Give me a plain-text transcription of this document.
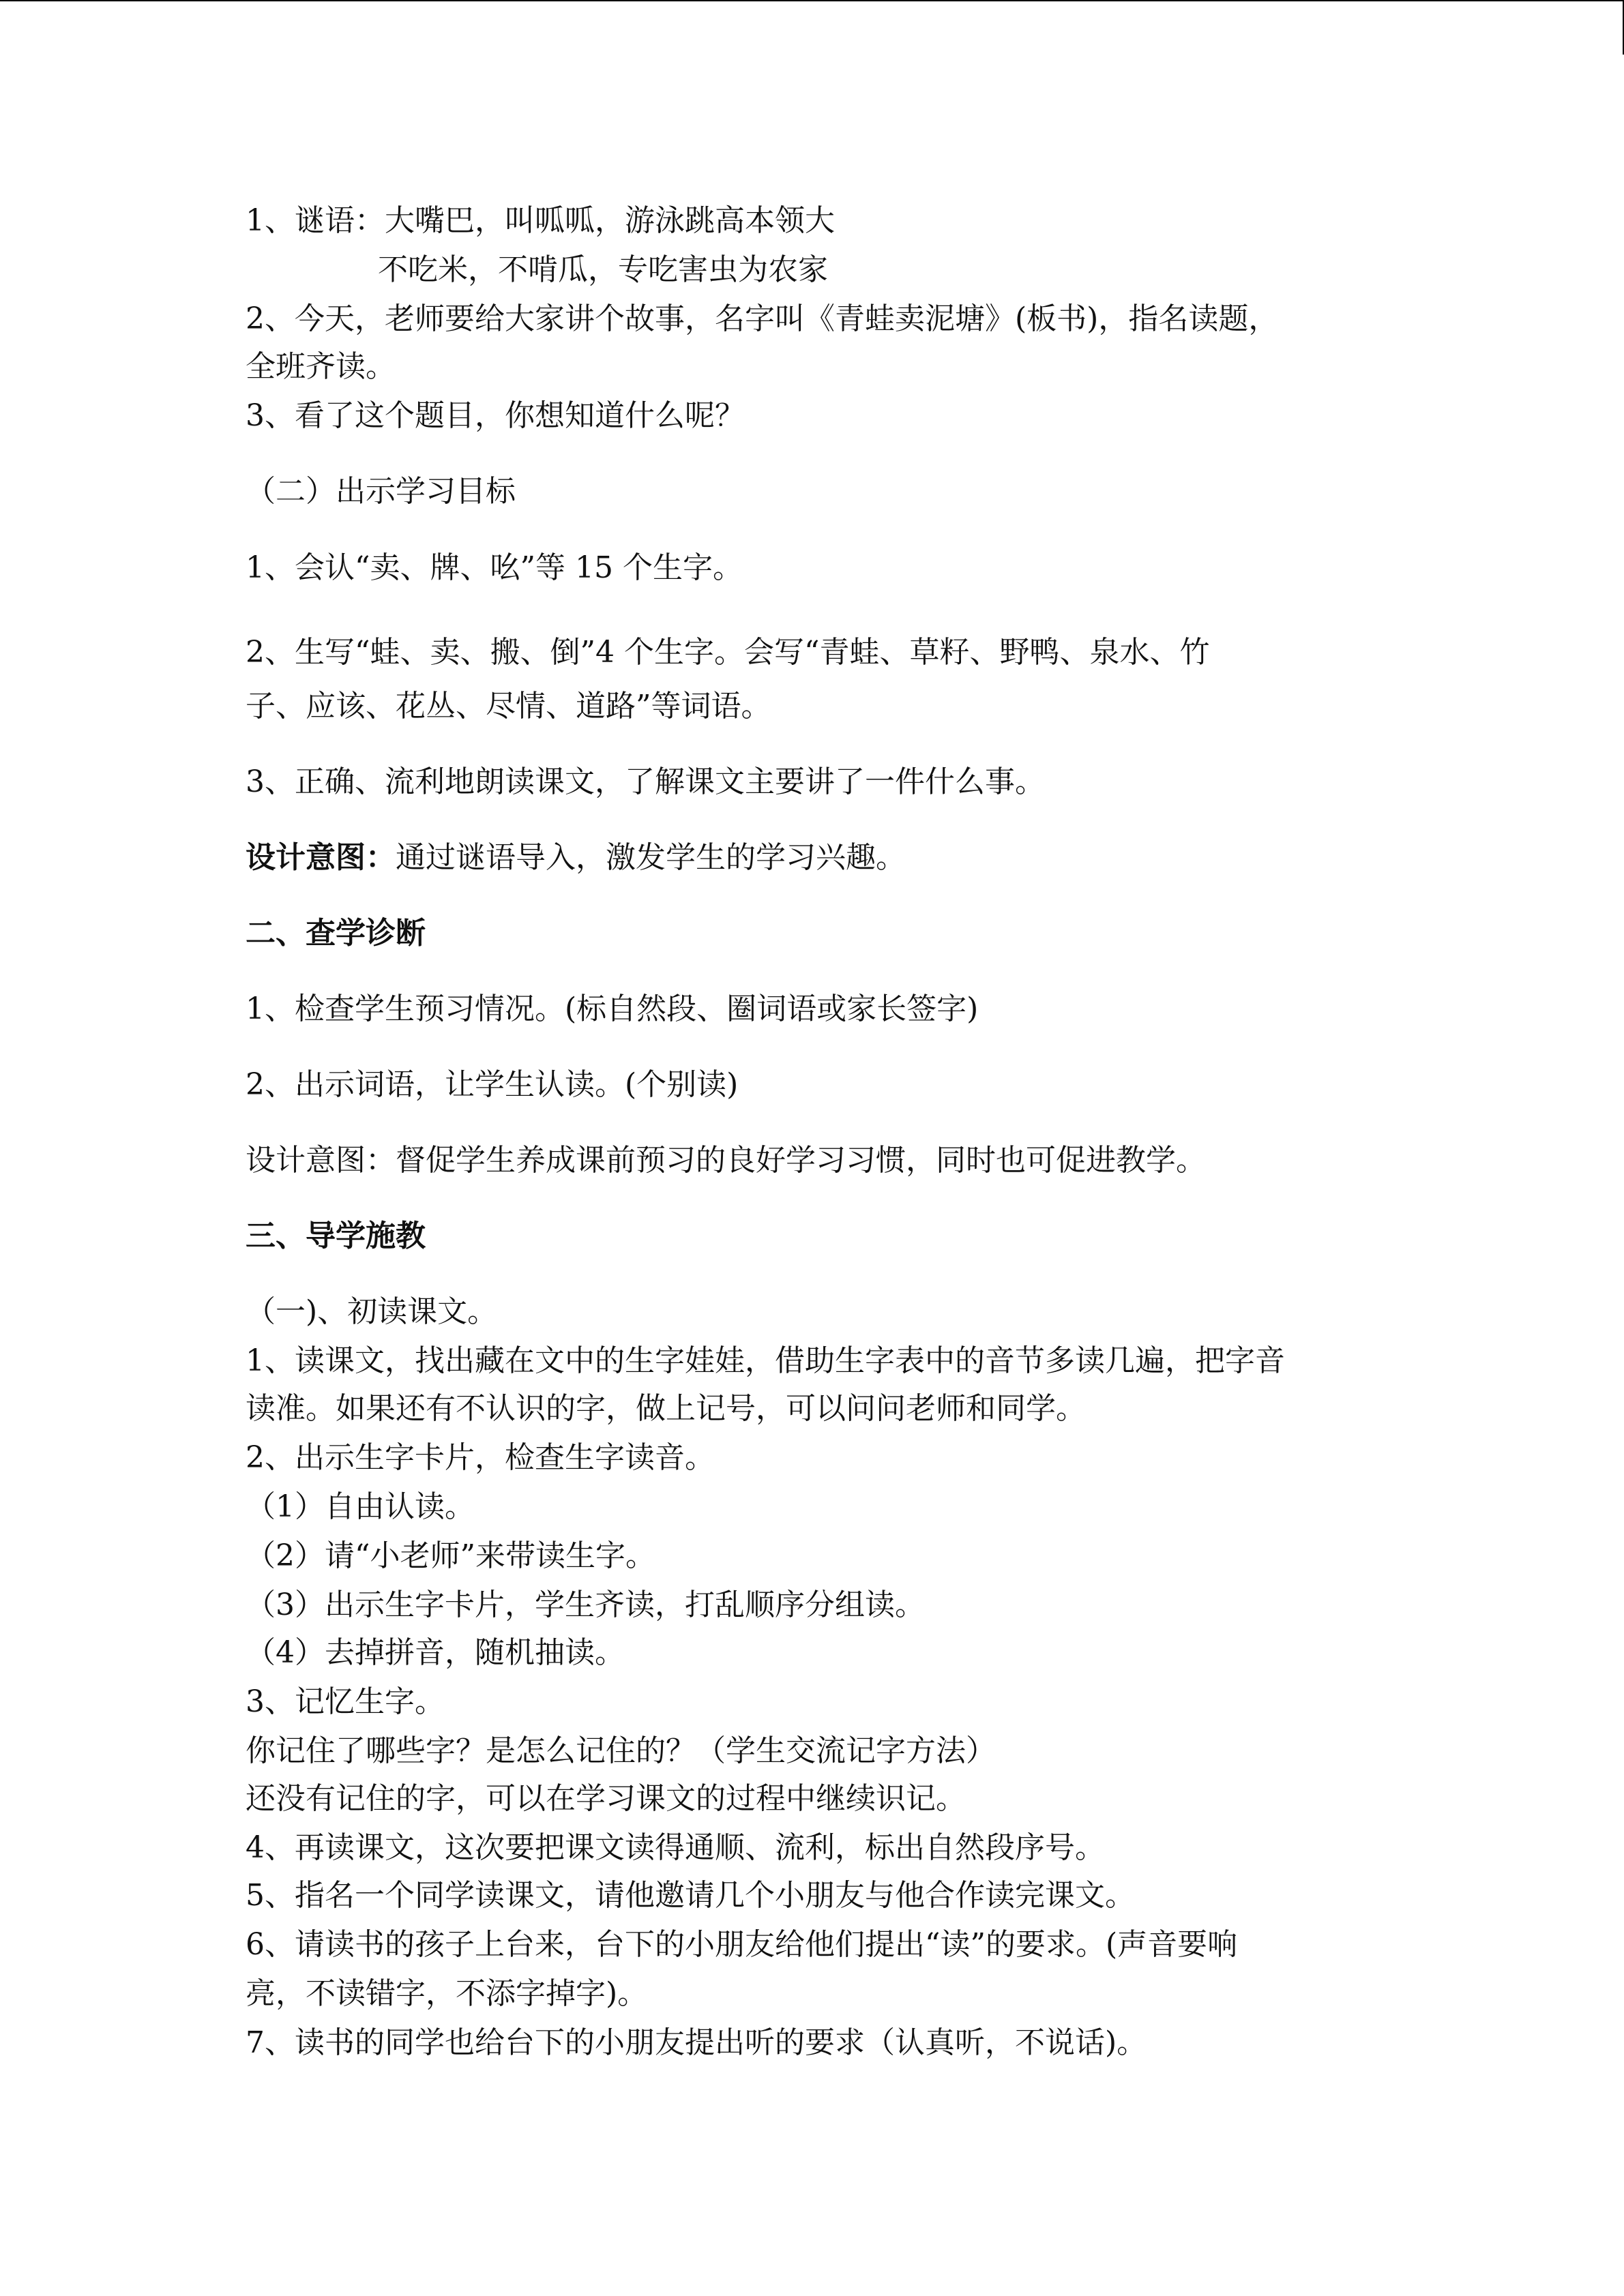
1、谜语：大嘴巴，叫呱呱，游泳跳高本领大
不吃米，不啃瓜，专吃害虫为农家
2、今天，老师要给大家讲个故事，名字叫《青蛙卖泥塘》(板书)，指名读题，
全班齐读。
3、看了这个题目，你想知道什么呢？
（二）出示学习目标
1、会认“卖、牌、吆”等 15 个生字。
2、生写“蛙、卖、搬、倒”4 个生字。会写“青蛙、草籽、野鸭、泉水、竹
子、应该、花丛、尽情、道路”等词语。
3、正确、流利地朗读课文，了解课文主要讲了一件什么事。
设计意图：通过谜语导入，激发学生的学习兴趣。
二、查学诊断
1、检查学生预习情况。(标自然段、圈词语或家长签字)
2、出示词语，让学生认读。(个别读)
设计意图：督促学生养成课前预习的良好学习习惯，同时也可促进教学。
三、导学施教
（一)、初读课文。
1、读课文，找出藏在文中的生字娃娃，借助生字表中的音节多读几遍，把字音
读准。如果还有不认识的字，做上记号，可以问问老师和同学。
2、出示生字卡片，检查生字读音。
（1）自由认读。
（2）请“小老师”来带读生字。
（3）出示生字卡片，学生齐读，打乱顺序分组读。
（4）去掉拼音，随机抽读。
3、记忆生字。
你记住了哪些字？是怎么记住的？（学生交流记字方法）
还没有记住的字，可以在学习课文的过程中继续识记。
4、再读课文，这次要把课文读得通顺、流利，标出自然段序号。
5、指名一个同学读课文，请他邀请几个小朋友与他合作读完课文。
6、请读书的孩子上台来，台下的小朋友给他们提出“读”的要求。(声音要响
亮，不读错字，不添字掉字)。
7、读书的同学也给台下的小朋友提出听的要求（认真听，不说话)。
